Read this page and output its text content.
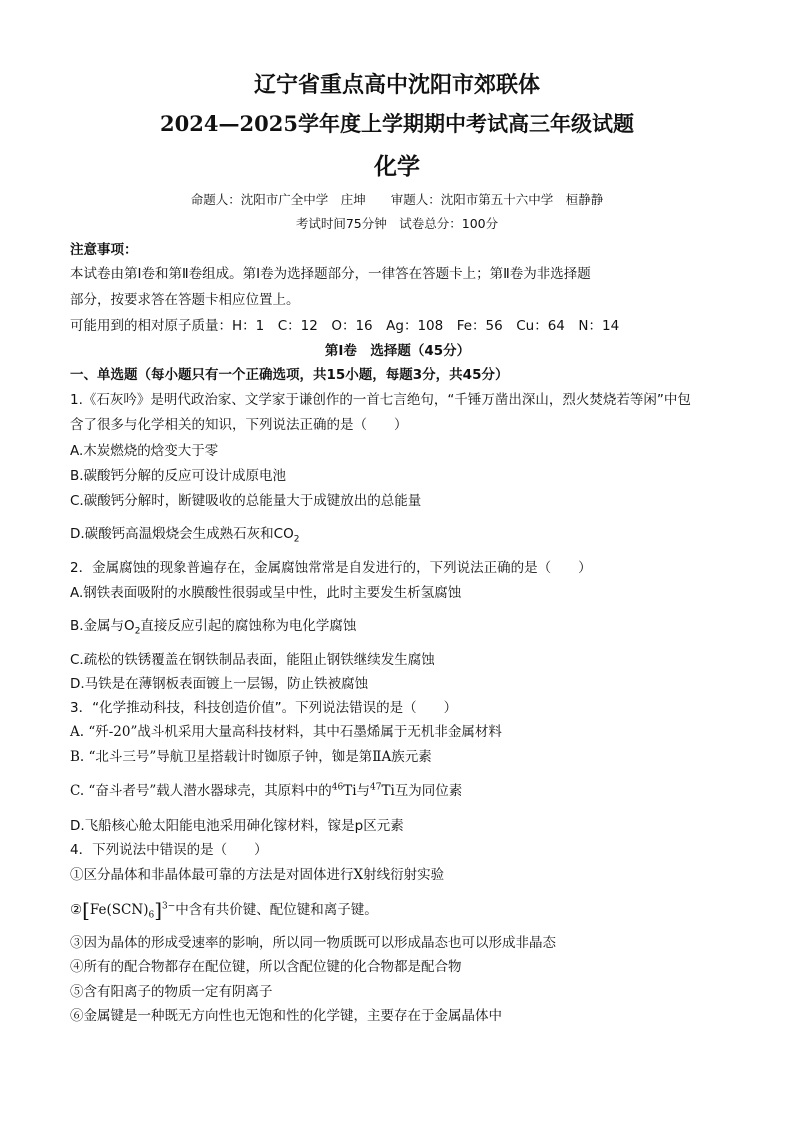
辽宁省重点高中沈阳市郊联体
2024—2025学年度上学期期中考试高三年级试题
化学
命题人：沈阳市广全中学　庄坤　　审题人：沈阳市第五十六中学　桓静静
考试时间75分钟　试卷总分：100分
注意事项：
本试卷由第Ⅰ卷和第Ⅱ卷组成。第Ⅰ卷为选择题部分，一律答在答题卡上；第Ⅱ卷为非选择题
部分，按要求答在答题卡相应位置上。
可能用到的相对原子质量：H：1　C：12　O：16　Ag：108　Fe：56　Cu：64　N：14
第Ⅰ卷　选择题（45分）
一、单选题（每小题只有一个正确选项，共15小题，每题3分，共45分）
1.《石灰吟》是明代政治家、文学家于谦创作的一首七言绝句，“千锤万凿出深山，烈火焚烧若等闲”中包
含了很多与化学相关的知识，下列说法正确的是（　　）
A.木炭燃烧的焓变大于零
B.碳酸钙分解的反应可设计成原电池
C.碳酸钙分解时，断键吸收的总能量大于成键放出的总能量
D.碳酸钙高温煅烧会生成熟石灰和$CO_2$
2．金属腐蚀的现象普遍存在，金属腐蚀常常是自发进行的，下列说法正确的是（　　）
A.钢铁表面吸附的水膜酸性很弱或呈中性，此时主要发生析氢腐蚀
B.金属与$O_2$直接反应引起的腐蚀称为电化学腐蚀
C.疏松的铁锈覆盖在钢铁制品表面，能阻止钢铁继续发生腐蚀
D.马铁是在薄钢板表面镀上一层锡，防止铁被腐蚀
3．“化学推动科技，科技创造价值”。下列说法错误的是（　　）
A. “歼-20”战斗机采用大量高科技材料，其中石墨烯属于无机非金属材料
B. “北斗三号”导航卫星搭载计时铷原子钟，铷是第ⅡA族元素
C. “奋斗者号”载人潜水器球壳，其原料中的$^{46}$Ti与$^{47}$Ti互为同位素
D.飞船核心舱太阳能电池采用砷化镓材料，镓是p区元素
4．下列说法中错误的是（　　）
①区分晶体和非晶体最可靠的方法是对固体进行X射线衍射实验
$②[Fe(SCN)_6]^{3-}$中含有共价键、配位键和离子键。
③因为晶体的形成受速率的影响，所以同一物质既可以形成晶态也可以形成非晶态
④所有的配合物都存在配位键，所以含配位键的化合物都是配合物
⑤含有阳离子的物质一定有阴离子
⑥金属键是一种既无方向性也无饱和性的化学键，主要存在于金属晶体中
